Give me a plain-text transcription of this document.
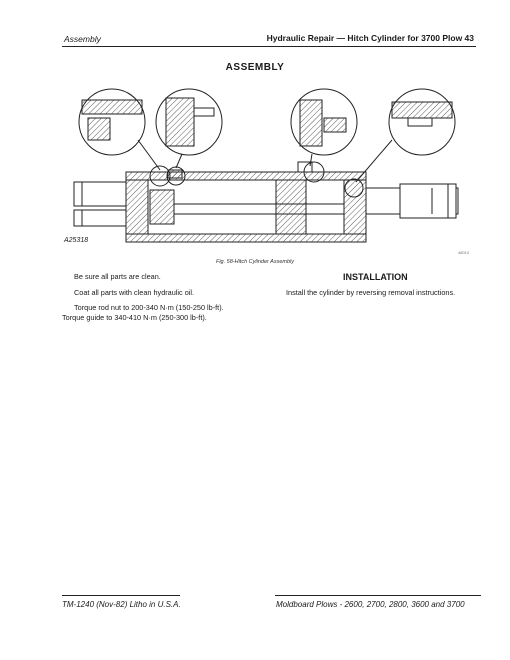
Assembly	Hydraulic Repair — Hitch Cylinder for 3700 Plow 43
ASSEMBLY
A25318
48010
Fig. 58-Hitch Cylinder Assembly
Be sure all parts are clean.
Coat all parts with clean hydraulic oil.
Torque rod nut to 200-340 N·m (150-250 lb-ft).
Torque guide to 340-410 N·m (250-300 lb-ft).
INSTALLATION
Install the cylinder by reversing removal instructions.
TM-1240 (Nov-82) Litho in U.S.A.	Moldboard Plows - 2600, 2700, 2800, 3600 and 3700
